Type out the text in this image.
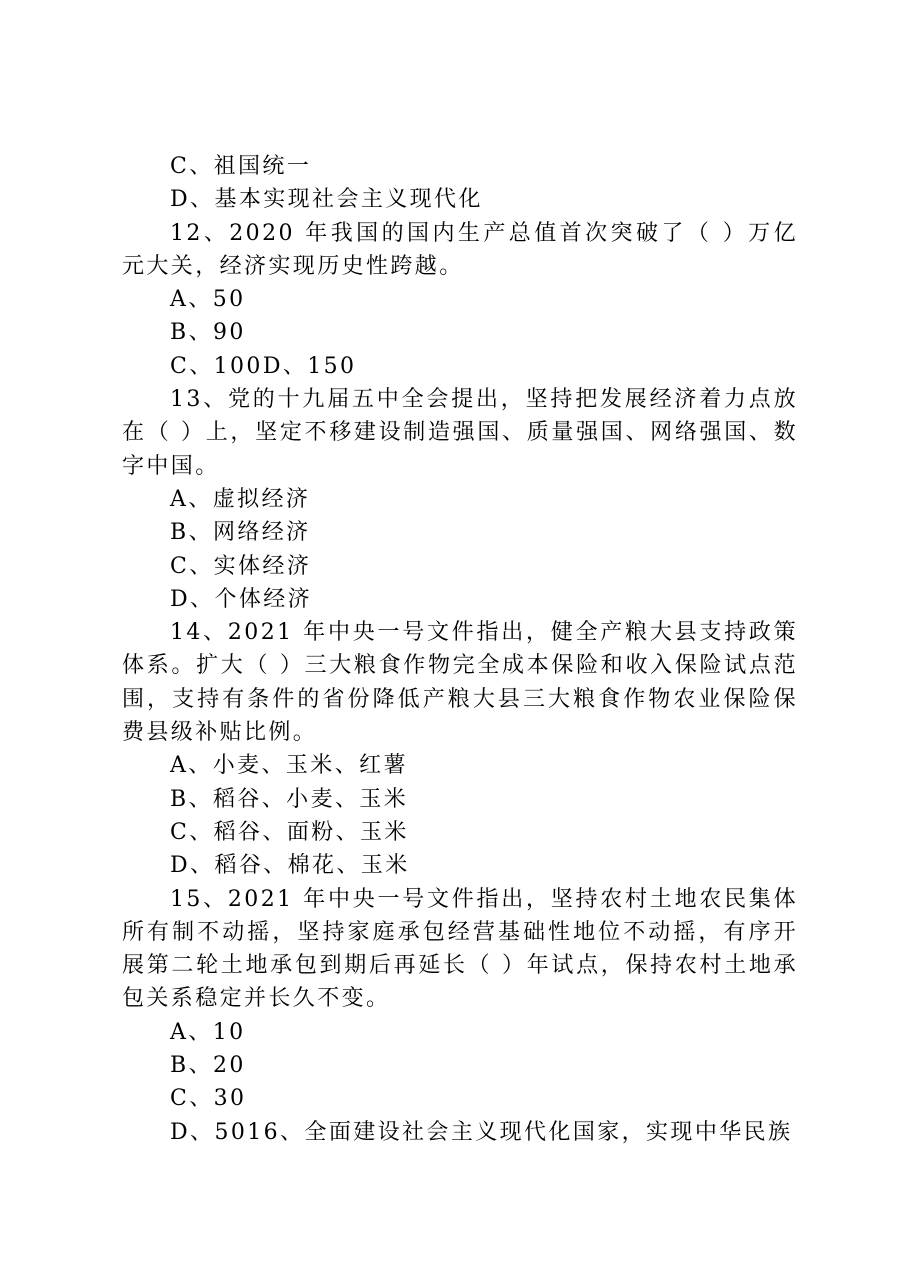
C、祖国统一

D、基本实现社会主义现代化

12、2020 年我国的国内生产总值首次突破了（ ）万亿元大关，经济实现历史性跨越。

A、50

B、90

C、100D、150

13、党的十九届五中全会提出，坚持把发展经济着力点放在（ ）上，坚定不移建设制造强国、质量强国、网络强国、数字中国。

A、虚拟经济

B、网络经济

C、实体经济

D、个体经济

14、2021 年中央一号文件指出，健全产粮大县支持政策体系。扩大（ ）三大粮食作物完全成本保险和收入保险试点范围，支持有条件的省份降低产粮大县三大粮食作物农业保险保费县级补贴比例。

A、小麦、玉米、红薯

B、稻谷、小麦、玉米

C、稻谷、面粉、玉米

D、稻谷、棉花、玉米

15、2021 年中央一号文件指出，坚持农村土地农民集体所有制不动摇，坚持家庭承包经营基础性地位不动摇，有序开展第二轮土地承包到期后再延长（ ）年试点，保持农村土地承包关系稳定并长久不变。

A、10

B、20

C、30

D、5016、全面建设社会主义现代化国家，实现中华民族
